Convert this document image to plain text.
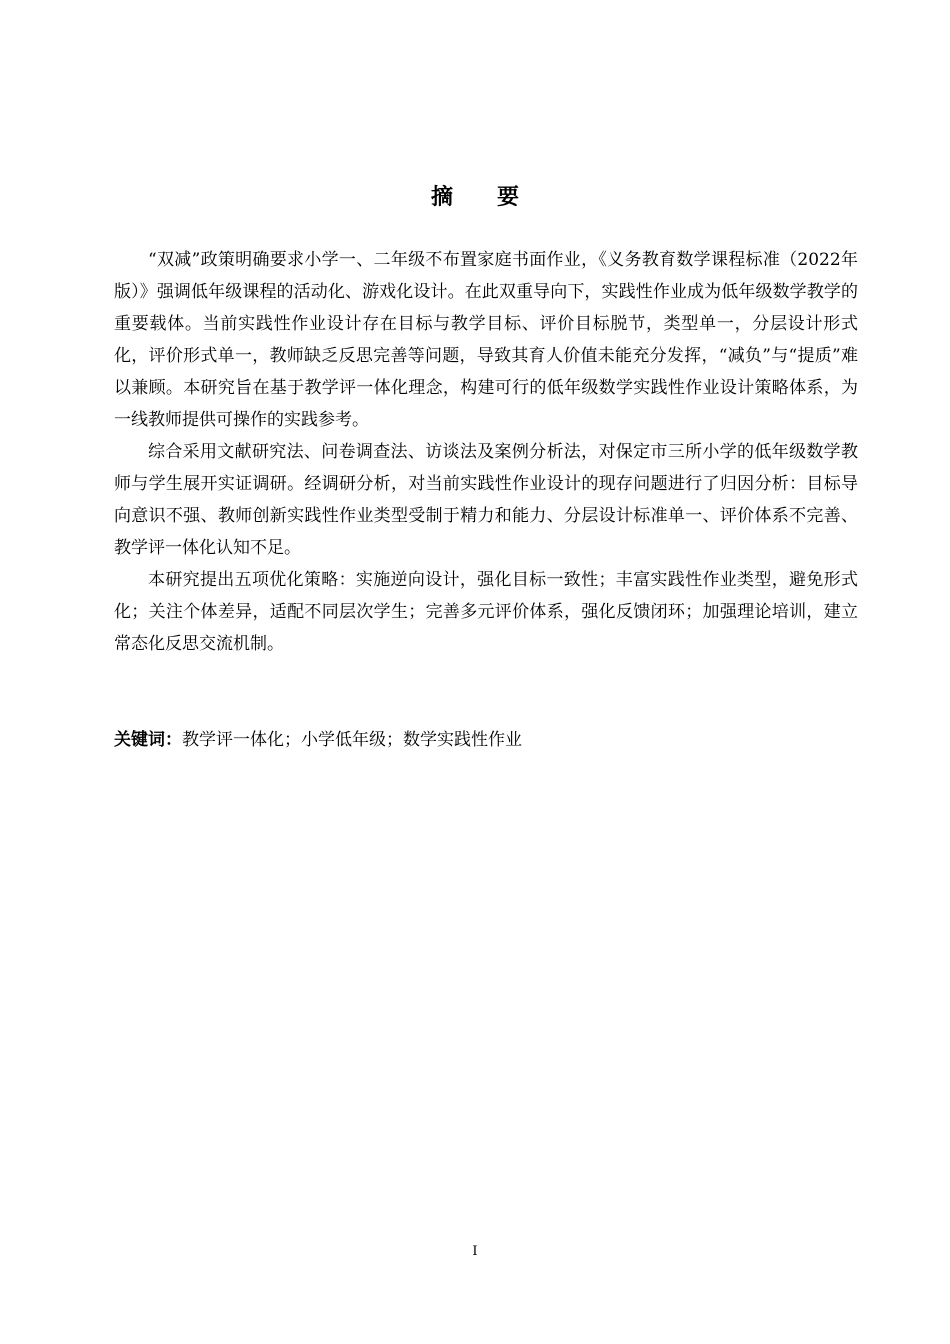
摘 要

“双减”政策明确要求小学一、二年级不布置家庭书面作业，《义务教育数学课程标准（2022年版）》强调低年级课程的活动化、游戏化设计。在此双重导向下，实践性作业成为低年级数学教学的重要载体。当前实践性作业设计存在目标与教学目标、评价目标脱节，类型单一，分层设计形式化，评价形式单一，教师缺乏反思完善等问题，导致其育人价值未能充分发挥，“减负”与“提质”难以兼顾。本研究旨在基于教学评一体化理念，构建可行的低年级数学实践性作业设计策略体系，为一线教师提供可操作的实践参考。

综合采用文献研究法、问卷调查法、访谈法及案例分析法，对保定市三所小学的低年级数学教师与学生展开实证调研。经调研分析，对当前实践性作业设计的现存问题进行了归因分析：目标导向意识不强、教师创新实践性作业类型受制于精力和能力、分层设计标准单一、评价体系不完善、教学评一体化认知不足。

本研究提出五项优化策略：实施逆向设计，强化目标一致性；丰富实践性作业类型，避免形式化；关注个体差异，适配不同层次学生；完善多元评价体系，强化反馈闭环；加强理论培训，建立常态化反思交流机制。

关键词：教学评一体化；小学低年级；数学实践性作业
I
